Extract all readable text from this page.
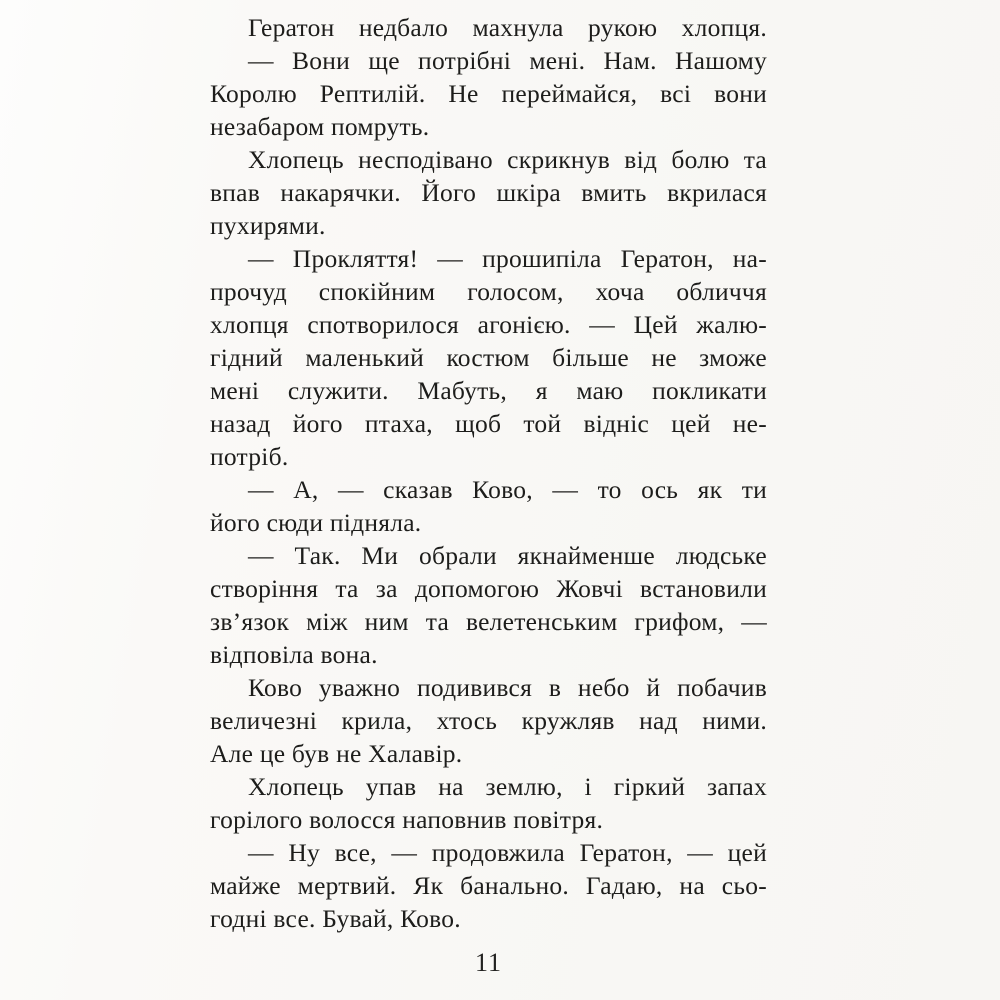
Гератон недбало махнула рукою хлопця.
— Вони ще потрібні мені. Нам. Нашому
Королю Рептилій. Не переймайся, всі вони
незабаром помруть.
Хлопець несподівано скрикнув від болю та
впав накарячки. Його шкіра вмить вкрилася
пухирями.
— Прокляття! — прошипіла Гератон, на-
прочуд спокійним голосом, хоча обличчя
хлопця спотворилося агонією. — Цей жалю-
гідний маленький костюм більше не зможе
мені служити. Мабуть, я маю покликати
назад його птаха, щоб той відніс цей не-
потріб.
— А, — сказав Ково, — то ось як ти
його сюди підняла.
— Так. Ми обрали якнайменше людське
створіння та за допомогою Жовчі встановили
зв’язок між ним та велетенським грифом, —
відповіла вона.
Ково уважно подивився в небо й побачив
величезні крила, хтось кружляв над ними.
Але це був не Халавір.
Хлопець упав на землю, і гіркий запах
горілого волосся наповнив повітря.
— Ну все, — продовжила Гератон, — цей
майже мертвий. Як банально. Гадаю, на сьо-
годні все. Бувай, Ково.
11
